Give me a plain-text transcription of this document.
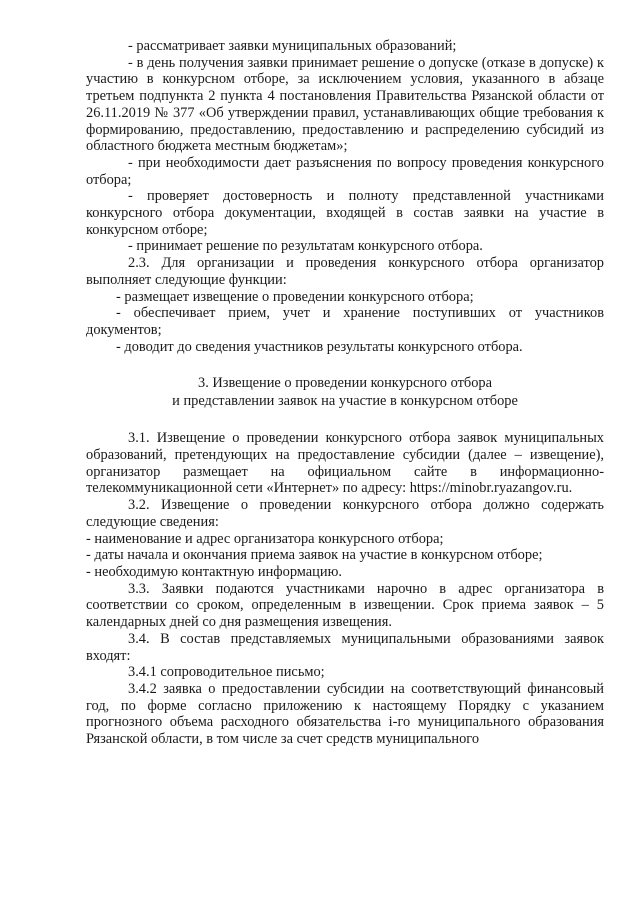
- рассматривает заявки муниципальных образований;

- в день получения заявки принимает решение о допуске (отказе в допуске) к участию в конкурсном отборе, за исключением условия, указанного в абзаце третьем подпункта 2 пункта 4 постановления Правительства Рязанской области от 26.11.2019 № 377 «Об утверждении правил, устанавливающих общие требования к формированию, предоставлению, предоставлению и распределению субсидий из областного бюджета местным бюджетам»;

- при необходимости дает разъяснения по вопросу проведения конкурсного отбора;

- проверяет достоверность и полноту представленной участниками конкурсного отбора документации, входящей в состав заявки на участие в конкурсном отборе;

- принимает решение по результатам конкурсного отбора.

2.3. Для организации и проведения конкурсного отбора организатор выполняет следующие функции:

- размещает извещение о проведении конкурсного отбора;

- обеспечивает прием, учет и хранение поступивших от участников документов;

- доводит до сведения участников результаты конкурсного отбора.

3. Извещение о проведении конкурсного отбора
и представлении заявок на участие в конкурсном отборе

3.1. Извещение о проведении конкурсного отбора заявок муниципальных образований, претендующих на предоставление субсидии (далее – извещение), организатор размещает на официальном сайте в информационно-телекоммуникационной сети «Интернет» по адресу: https://minobr.ryazangov.ru.

3.2. Извещение о проведении конкурсного отбора должно содержать следующие сведения:

- наименование и адрес организатора конкурсного отбора;

- даты начала и окончания приема заявок на участие в конкурсном отборе;

- необходимую контактную информацию.

3.3. Заявки подаются участниками нарочно в адрес организатора в соответствии со сроком, определенным в извещении. Срок приема заявок – 5 календарных дней со дня размещения извещения.

3.4. В состав представляемых муниципальными образованиями заявок входят:

3.4.1 сопроводительное письмо;

3.4.2 заявка о предоставлении субсидии на соответствующий финансовый год, по форме согласно приложению к настоящему Порядку с указанием прогнозного объема расходного обязательства i-го муниципального образования Рязанской области, в том числе за счет средств муниципального
